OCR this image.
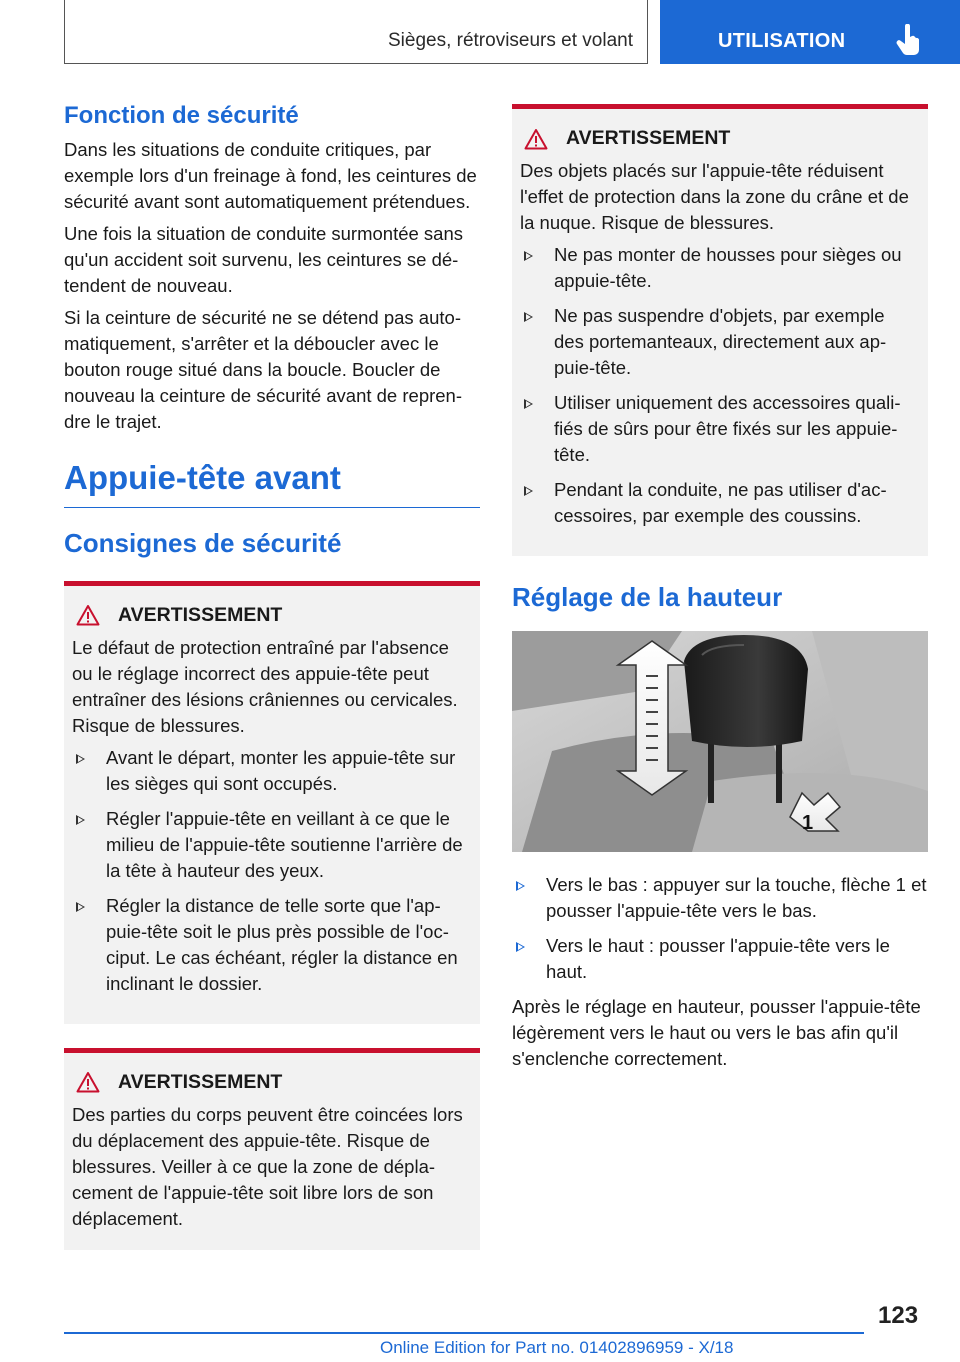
Sièges, rétroviseurs et volant	UTILISATION
Fonction de sécurité

Dans les situations de conduite critiques, par exemple lors d'un freinage à fond, les ceintures de sécurité avant sont automatiquement prétendues.

Une fois la situation de conduite surmontée sans qu'un accident soit survenu, les ceintures se détendent de nouveau.

Si la ceinture de sécurité ne se détend pas automatiquement, s'arrêter et la déboucler avec le bouton rouge situé dans la boucle. Boucler de nouveau la ceinture de sécurité avant de reprendre le trajet.

Appuie-tête avant
Consignes de sécurité
AVERTISSEMENT

Le défaut de protection entraîné par l'absence ou le réglage incorrect des appuie-tête peut entraîner des lésions crâniennes ou cervicales. Risque de blessures.

Avant le départ, monter les appuie-tête sur les sièges qui sont occupés.
Régler l'appuie-tête en veillant à ce que le milieu de l'appuie-tête soutienne l'arrière de la tête à hauteur des yeux.
Régler la distance de telle sorte que l'appuie-tête soit le plus près possible de l'occiput. Le cas échéant, régler la distance en inclinant le dossier.
AVERTISSEMENT

Des parties du corps peuvent être coincées lors du déplacement des appuie-tête. Risque de blessures. Veiller à ce que la zone de déplacement de l'appuie-tête soit libre lors de son déplacement.

AVERTISSEMENT

Des objets placés sur l'appuie-tête réduisent l'effet de protection dans la zone du crâne et de la nuque. Risque de blessures.

Ne pas monter de housses pour sièges ou appuie-tête.
Ne pas suspendre d'objets, par exemple des portemanteaux, directement aux appuie-tête.
Utiliser uniquement des accessoires qualifiés de sûrs pour être fixés sur les appuie-tête.
Pendant la conduite, ne pas utiliser d'accessoires, par exemple des coussins.
Réglage de la hauteur
1
Vers le bas : appuyer sur la touche, flèche 1 et pousser l'appuie-tête vers le bas.
Vers le haut : pousser l'appuie-tête vers le haut.

Après le réglage en hauteur, pousser l'appuie-tête légèrement vers le haut ou vers le bas afin qu'il s'enclenche correctement.

123
Online Edition for Part no. 01402896959 - X/18
